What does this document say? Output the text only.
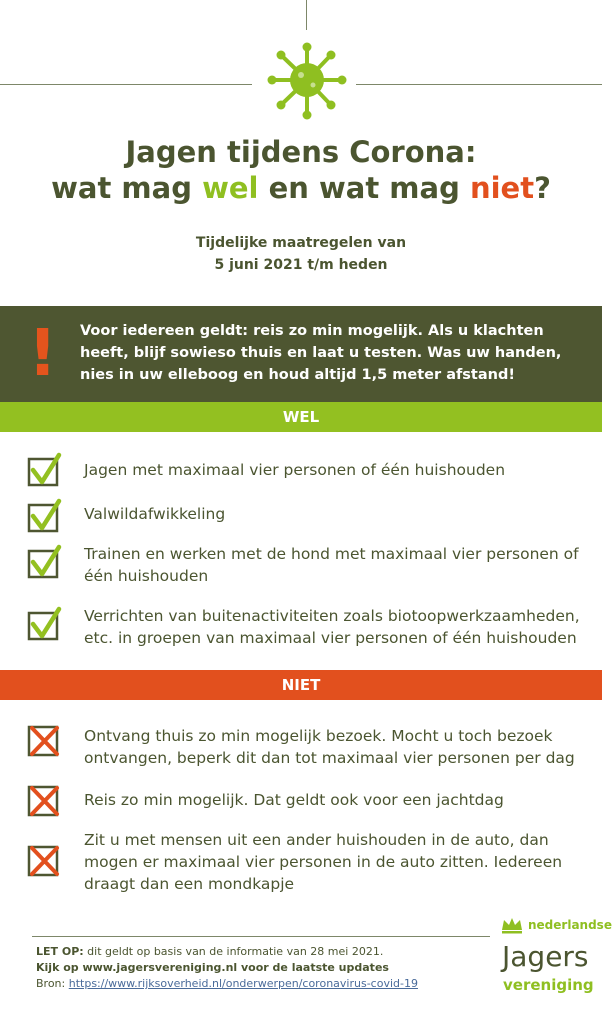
Jagen tijdens Corona:
wat mag wel en wat mag niet?
Tijdelijke maatregelen van
5 juni 2021 t/m heden
! Voor iedereen geldt: reis zo min mogelijk. Als u klachten heeft, blijf sowieso thuis en laat u testen. Was uw handen, nies in uw elleboog en houd altijd 1,5 meter afstand!
WEL
Jagen met maximaal vier personen of één huishouden
Valwildafwikkeling
Trainen en werken met de hond met maximaal vier personen of één huishouden
Verrichten van buitenactiviteiten zoals biotoopwerkzaamheden, etc. in groepen van maximaal vier personen of één huishouden
NIET
Ontvang thuis zo min mogelijk bezoek. Mocht u toch bezoek ontvangen, beperk dit dan tot maximaal vier personen per dag
Reis zo min mogelijk. Dat geldt ook voor een jachtdag
Zit u met mensen uit een ander huishouden in de auto, dan mogen er maximaal vier personen in de auto zitten. Iedereen draagt dan een mondkapje
LET OP: dit geldt op basis van de informatie van 28 mei 2021.
Kijk op www.jagersvereniging.nl voor de laatste updates
Bron: https://www.rijksoverheid.nl/onderwerpen/coronavirus-covid-19
nederlandse
Jagers
vereniging
